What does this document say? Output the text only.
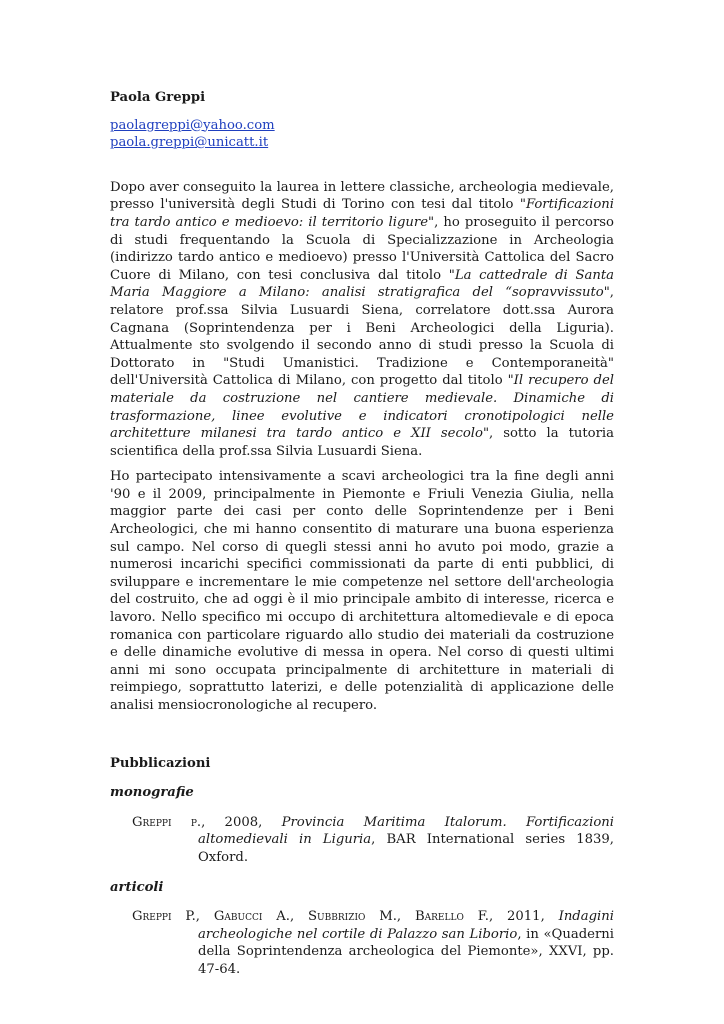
Paola Greppi
paolagreppi@yahoo.com
paola.greppi@unicatt.it

Dopo aver conseguito la laurea in lettere classiche, archeologia medievale, presso l'università degli Studi di Torino con tesi dal titolo "Fortificazioni tra tardo antico e medioevo: il territorio ligure", ho proseguito il percorso di studi frequentando la Scuola di Specializzazione in Archeologia (indirizzo tardo antico e medioevo) presso l'Università Cattolica del Sacro Cuore di Milano, con tesi conclusiva dal titolo "La cattedrale di Santa Maria Maggiore a Milano: analisi stratigrafica del “sopravvissuto", relatore prof.ssa Silvia Lusuardi Siena, correlatore dott.ssa Aurora Cagnana (Soprintendenza per i Beni Archeologici della Liguria). Attualmente sto svolgendo il secondo anno di studi presso la Scuola di Dottorato in "Studi Umanistici. Tradizione e Contemporaneità" dell'Università Cattolica di Milano, con progetto dal titolo "Il recupero del materiale da costruzione nel cantiere medievale. Dinamiche di trasformazione, linee evolutive e indicatori cronotipologici nelle architetture milanesi tra tardo antico e XII secolo", sotto la tutoria scientifica della prof.ssa Silvia Lusuardi Siena.

Ho partecipato intensivamente a scavi archeologici tra la fine degli anni '90 e il 2009, principalmente in Piemonte e Friuli Venezia Giulia, nella maggior parte dei casi per conto delle Soprintendenze per i Beni Archeologici, che mi hanno consentito di maturare una buona esperienza sul campo. Nel corso di quegli stessi anni ho avuto poi modo, grazie a numerosi incarichi specifici commissionati da parte di enti pubblici, di sviluppare e incrementare le mie competenze nel settore dell'archeologia del costruito, che ad oggi è il mio principale ambito di interesse, ricerca e lavoro. Nello specifico mi occupo di architettura altomedievale e di epoca romanica con particolare riguardo allo studio dei materiali da costruzione e delle dinamiche evolutive di messa in opera. Nel corso di questi ultimi anni mi sono occupata principalmente di architetture in materiali di reimpiego, soprattutto laterizi, e delle potenzialità di applicazione delle analisi mensiocronologiche al recupero.

Pubblicazioni
monografie
Greppi p., 2008, Provincia Maritima Italorum. Fortificazioni altomedievali in Liguria, BAR International series 1839, Oxford.
articoli
Greppi P., Gabucci A., Subbrizio M., Barello F., 2011, Indagini archeologiche nel cortile di Palazzo san Liborio, in «Quaderni della Soprintendenza archeologica del Piemonte», XXVI, pp. 47-64.
